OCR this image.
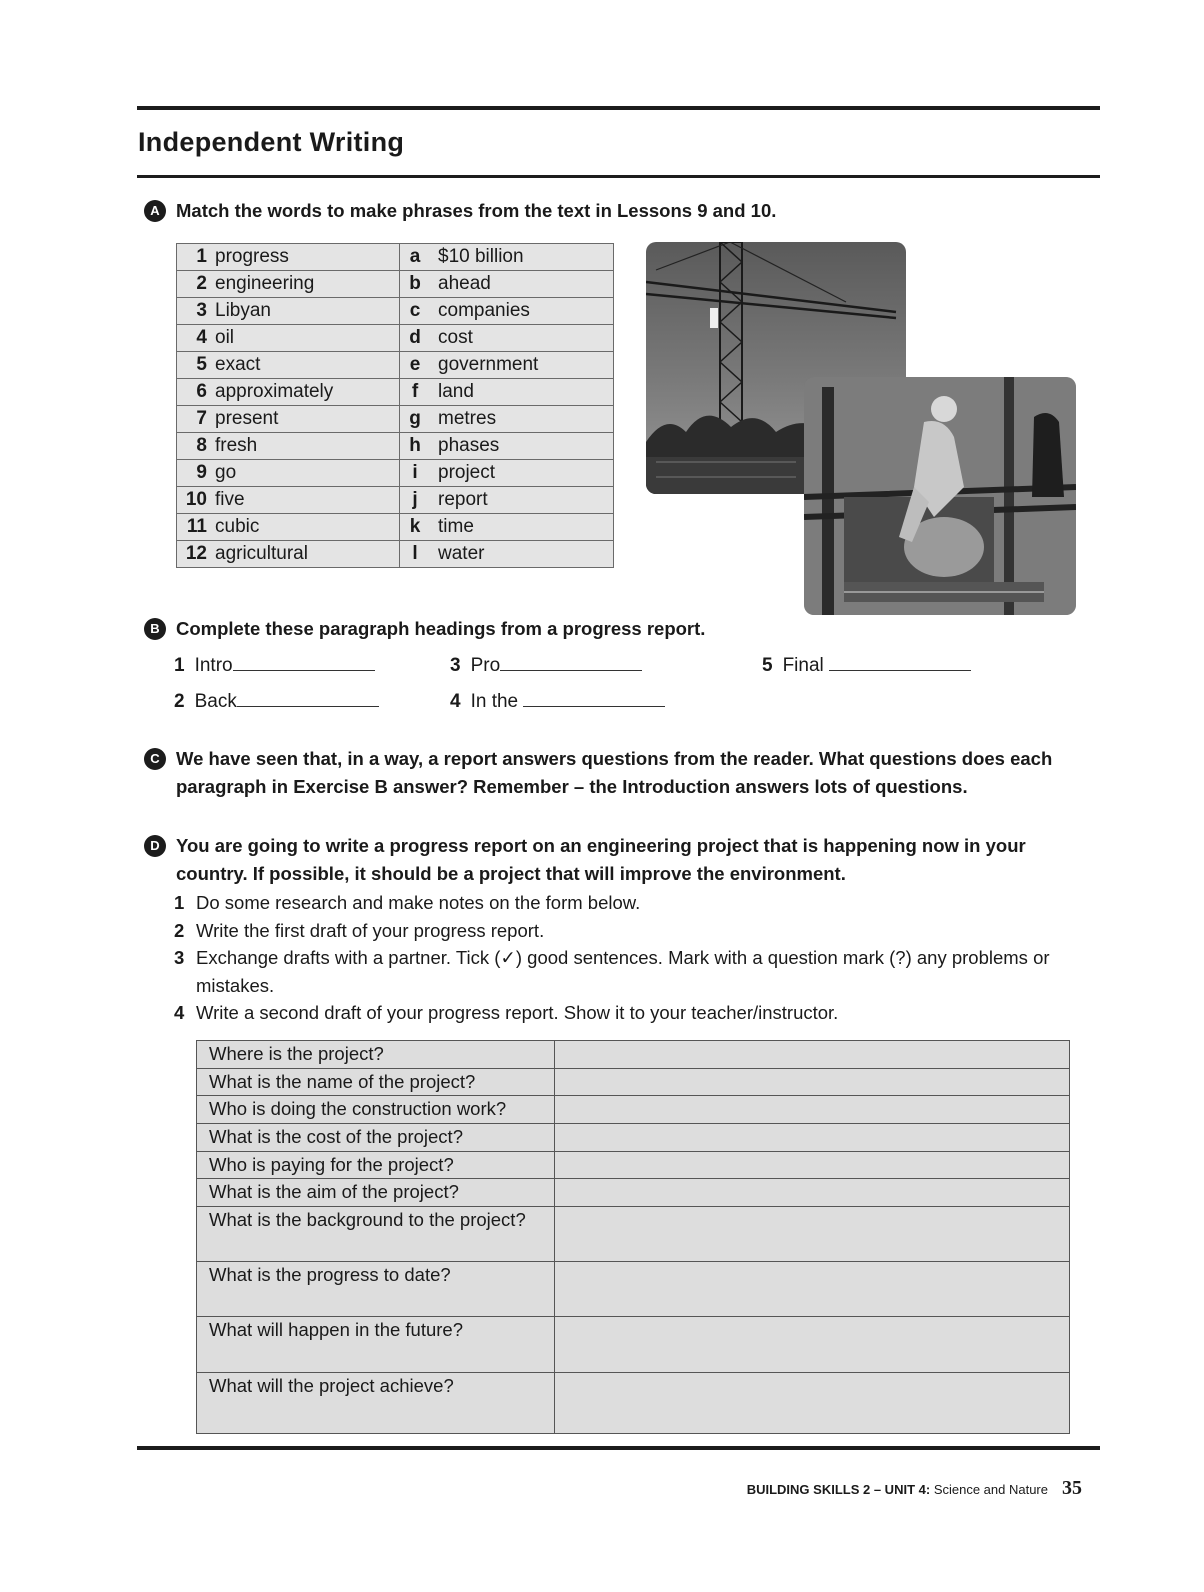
Independent Writing
A Match the words to make phrases from the text in Lessons 9 and 10.
1 progress	a $10 billion
2 engineering	b ahead
3 Libyan	c companies
4 oil	d cost
5 exact	e government
6 approximately	f land
7 present	g metres
8 fresh	h phases
9 go	i project
10 five	j report
11 cubic	k time
12 agricultural	l water
B Complete these paragraph headings from a progress report.
1 Intro
2 Back
3 Pro
4 In the
5 Final
C We have seen that, in a way, a report answers questions from the reader. What questions does each paragraph in Exercise B answer? Remember – the Introduction answers lots of questions.
D You are going to write a progress report on an engineering project that is happening now in your country. If possible, it should be a project that will improve the environment.
1 Do some research and make notes on the form below.
2 Write the first draft of your progress report.
3 Exchange drafts with a partner. Tick (✓) good sentences. Mark with a question mark (?) any problems or mistakes.
4 Write a second draft of your progress report. Show it to your teacher/instructor.
Where is the project?	
What is the name of the project?	
Who is doing the construction work?	
What is the cost of the project?	
Who is paying for the project?	
What is the aim of the project?	
What is the background to the project?	
What is the progress to date?	
What will happen in the future?	
What will the project achieve?	
BUILDING SKILLS 2 – UNIT 4:
Science and Nature 35
